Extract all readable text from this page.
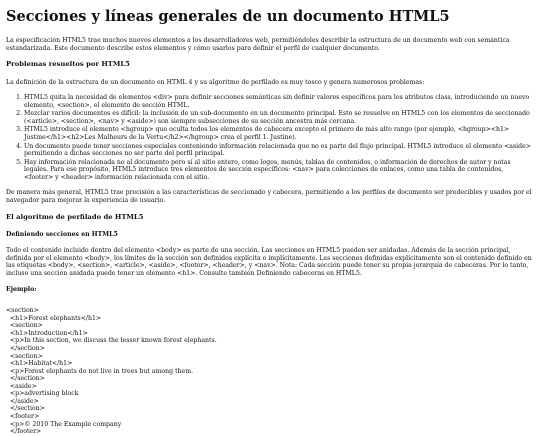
Secciones y líneas generales de un documento HTML5

La especificación HTML5 trae muchos nuevos elementos a los desarrolladores web, permitiéndoles describir la estructura de un documento web con semántica estandarizada. Este documento describe estos elementos y cómo usarlos para definir el perfil de cualquier documento.

Problemas resueltos por HTML5

La definición de la estructura de un documento en HTML 4 y su algoritmo de perfilado es muy tosco y genera numerosos problemas:

1. HTML5 quita la necesidad de elementos <div> para definir secciones semánticas sin definir valores específicos para los atributos class, introduciendo un nuevo elemento, <section>, el elemento de sección HTML.
2. Mezclar varios documentos es difícil: la inclusión de un sub-documento en un documento principal. Esto se resuelve en HTML5 con los elementos de seccionado (<article>, <section>, <nav> y <aside>) son siempre subsecciones de su sección ancestra más cercana.
3. HTML5 introduce el elemento <hgroup> que oculta todos los elementos de cabecera excepto el primero de más alto rango (por ejemplo, <hgroup><h1> Justine</h1><h2>Les Malheurs de la Vertu</h2></hgroup> crea el perfil 1. Justine).
4. Un documento puede tener secciones especiales conteniendo información relacionada que no es parte del flujo principal. HTML5 introduce el elemento <aside> permitiendo a dichas secciones no ser parte del perfil principal.
5. Hay información relacionada no al documento pero sí al sitio entero, como logos, menús, tablas de contenidos, o información de derechos de autor y notas legales. Para ese propósito, HTML5 introduce tres elementos de sección específicos: <nav> para colecciones de enlaces, como una tabla de contenidos, <footer> y <header> información relacionada con el sitio.

De manera más general, HTML5 trae precisión a las características de seccionado y cabecera, permitiendo a los perfiles de documento ser predecibles y usados por el navegador para mejorar la experiencia de usuario.

El algoritmo de perfilado de HTML5
Definiendo secciones en HTML5

Todo el contenido incluido dentro del elemento <body> es parte de una sección. Las secciones en HTML5 pueden ser anidadas. Además de la sección principal, definida por el elemento <body>, los límites de la sección son definidos explícita o implícitamente. Las secciones definidas explícitamente son el contenido definido en las etiquetas <body>, <section>, <article>, <aside>, <footer>, <header>, y <nav>. Nota: Cada sección puede tener su propia jerarquía de cabeceras. Por lo tanto, incluso una sección anidada puede tener un elemento <h1>. Consulte también Definiendo cabeceras en HTML5.

Ejemplo:

<section>
<h1>Forest elephants</h1>
<section>
<h1>Introduction</h1>
<p>In this section, we discuss the lesser known forest elephants.
</section>
<section>
<h1>Habitat</h1>
<p>Forest elephants do not live in trees but among them.
</section>
<aside>
<p>advertising block
</aside>
</section>
<footer>
<p>© 2010 The Example company
</footer>
